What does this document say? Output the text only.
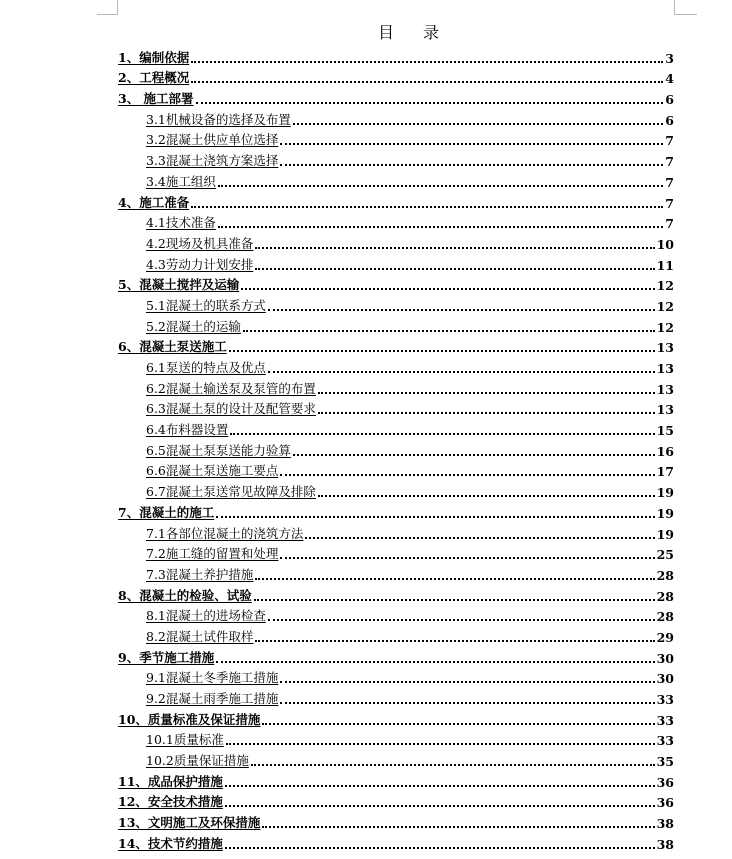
目 录
1、编制依据	3
2、工程概况	4
3、 施工部署	6
3.1机械设备的选择及布置	6
3.2混凝土供应单位选择	7
3.3混凝土浇筑方案选择	7
3.4施工组织	7
4、施工准备	7
4.1技术准备	7
4.2现场及机具准备	10
4.3劳动力计划安排	11
5、混凝土搅拌及运输	12
5.1混凝土的联系方式	12
5.2混凝土的运输	12
6、混凝土泵送施工	13
6.1泵送的特点及优点	13
6.2混凝土输送泵及泵管的布置	13
6.3混凝土泵的设计及配管要求	13
6.4布料器设置	15
6.5混凝土泵泵送能力验算	16
6.6混凝土泵送施工要点	17
6.7混凝土泵送常见故障及排除	19
7、混凝土的施工	19
7.1各部位混凝土的浇筑方法	19
7.2施工缝的留置和处理	25
7.3混凝土养护措施	28
8、混凝土的检验、试验	28
8.1混凝土的进场检查	28
8.2混凝土试件取样	29
9、季节施工措施	30
9.1混凝土冬季施工措施	30
9.2混凝土雨季施工措施	33
10、质量标准及保证措施	33
10.1质量标准	33
10.2质量保证措施	35
11、成品保护措施	36
12、安全技术措施	36
13、文明施工及环保措施	38
14、技术节约措施	38
